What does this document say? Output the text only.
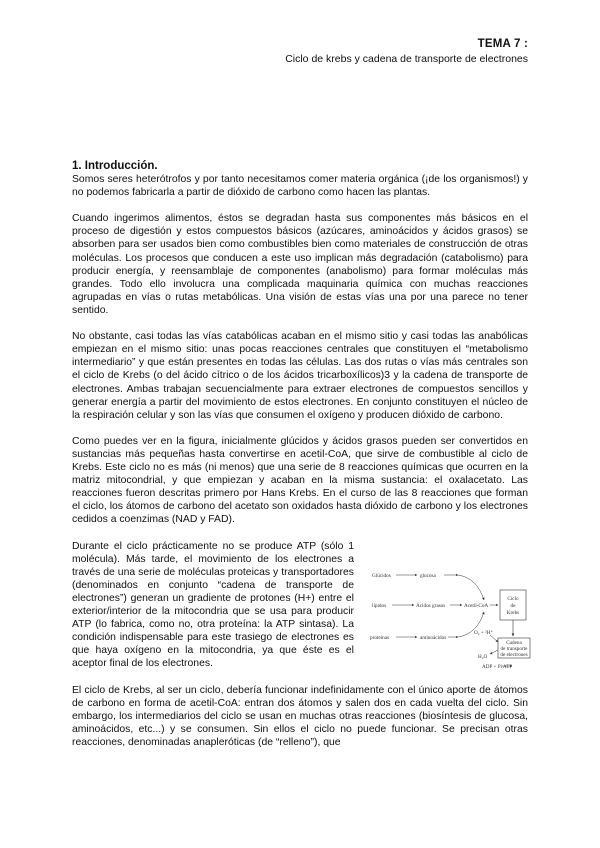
TEMA 7 :
Ciclo de krebs y cadena de transporte de electrones
1. Introducción.

Somos seres heterótrofos y por tanto necesitamos comer materia orgánica (¡de los organismos!) y no podemos fabricarla a partir de dióxido de carbono como hacen las plantas.

Cuando ingerimos alimentos, éstos se degradan hasta sus componentes más básicos en el proceso de digestión y estos compuestos básicos (azúcares, aminoácidos y ácidos grasos) se absorben para ser usados bien como combustibles bien como materiales de construcción de otras moléculas. Los procesos que conducen a este uso implican más degradación (catabolismo) para producir energía, y reensamblaje de componentes (anabolismo) para formar moléculas más grandes. Todo ello involucra una complicada maquinaria química con muchas reacciones agrupadas en vías o rutas metabólicas. Una visión de estas vías una por una parece no tener sentido.

No obstante, casi todas las vías catabólicas acaban en el mismo sitio y casi todas las anabólicas empiezan en el mismo sitio: unas pocas reacciones centrales que constituyen el “metabolismo intermediario” y que están presentes en todas las células. Las dos rutas o vías más centrales son el ciclo de Krebs (o del ácido cítrico o de los ácidos tricarboxílicos)3 y la cadena de transporte de electrones. Ambas trabajan secuencialmente para extraer electrones de compuestos sencillos y generar energía a partir del movimiento de estos electrones. En conjunto constituyen el núcleo de la respiración celular y son las vías que consumen el oxígeno y producen dióxido de carbono.

Como puedes ver en la figura, inicialmente glúcidos y ácidos grasos pueden ser convertidos en sustancias más pequeñas hasta convertirse en acetil-CoA, que sirve de combustible al ciclo de Krebs. Este ciclo no es más (ni menos) que una serie de 8 reacciones químicas que ocurren en la matriz mitocondrial, y que empiezan y acaban en la misma sustancia: el oxalacetato. Las reacciones fueron descritas primero por Hans Krebs. En el curso de las 8 reacciones que forman el ciclo, los átomos de carbono del acetato son oxidados hasta dióxido de carbono y los electrones cedidos a coenzimas (NAD y FAD).

Glúcidos	glucosa
lípidos	Ácidos grasos	Acetil-CoA
Ciclo
de
Krebs
proteínas	aminoácidos
O₂ + ²H⁺
Cadena
de transporte
de electrones
H₂O
ADP + Pi ATP

Durante el ciclo prácticamente no se produce ATP (sólo 1 molécula). Más tarde, el movimiento de los electrones a través de una serie de moléculas proteicas y transportadores (denominados en conjunto “cadena de transporte de electrones”) generan un gradiente de protones (H+) entre el exterior/interior de la mitocondria que se usa para producir ATP (lo fabrica, como no, otra proteína: la ATP sintasa). La condición indispensable para este trasiego de electrones es que haya oxígeno en la mitocondria, ya que éste es el aceptor final de los electrones.

El ciclo de Krebs, al ser un ciclo, debería funcionar indefinidamente con el único aporte de átomos de carbono en forma de acetil-CoA: entran dos átomos y salen dos en cada vuelta del ciclo. Sin embargo, los intermediarios del ciclo se usan en muchas otras reacciones (biosíntesis de glucosa, aminoácidos, etc...) y se consumen. Sin ellos el ciclo no puede funcionar. Se precisan otras reacciones, denominadas anapleróticas (de “relleno”), que
